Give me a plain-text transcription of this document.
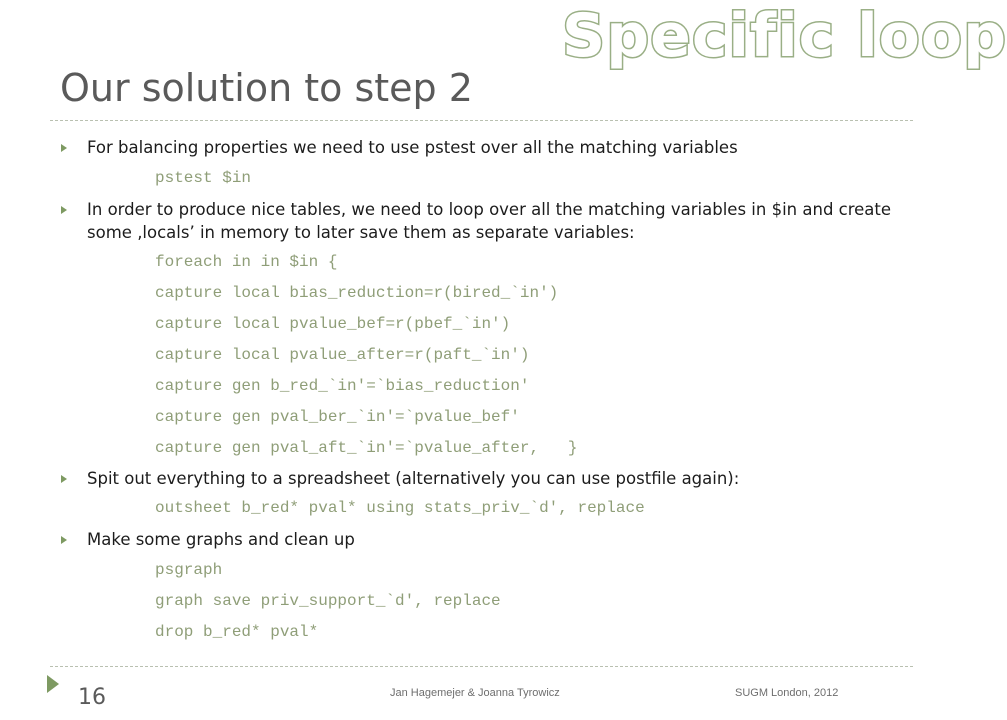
Specific loop
Our solution to step 2
For balancing properties we need to use pstest over all the matching variables
pstest $in
In order to produce nice tables, we need to loop over all the matching variables in $in and create some ‚locals’ in memory to later save them as separate variables:
foreach in in $in {
capture local bias_reduction=r(bired_`in')
capture local pvalue_bef=r(pbef_`in')
capture local pvalue_after=r(paft_`in')
capture gen b_red_`in'=`bias_reduction'
capture gen pval_ber_`in'=`pvalue_bef'
capture gen pval_aft_`in'=`pvalue_after,   }
Spit out everything to a spreadsheet (alternatively you can use postfile again):
outsheet b_red* pval* using stats_priv_`d', replace
Make some graphs and clean up
psgraph
graph save priv_support_`d', replace
drop b_red* pval*
16	Jan Hagemejer & Joanna Tyrowicz	SUGM London, 2012
